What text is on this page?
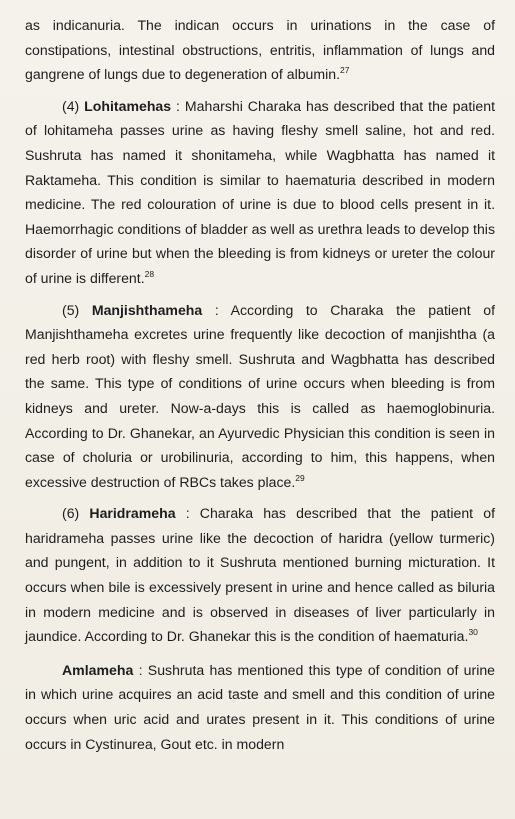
as indicanuria. The indican occurs in urinations in the case of constipations, intestinal obstructions, entritis, inflammation of lungs and gangrene of lungs due to degeneration of albumin.$^{27}$

(4) Lohitamehas : Maharshi Charaka has described that the patient of lohitameha passes urine as having fleshy smell saline, hot and red. Sushruta has named it shonitameha, while Wagbhatta has named it Raktameha. This condition is similar to haematuria described in modern medicine. The red colouration of urine is due to blood cells present in it. Haemorrhagic conditions of bladder as well as urethra leads to develop this disorder of urine but when the bleeding is from kidneys or ureter the colour of urine is different.$^{28}$

(5) Manjishthameha : According to Charaka the patient of Manjishthameha excretes urine frequently like decoction of manjishtha (a red herb root) with fleshy smell. Sushruta and Wagbhatta has described the same. This type of conditions of urine occurs when bleeding is from kidneys and ureter. Now-a-days this is called as haemoglobinuria. According to Dr. Ghanekar, an Ayurvedic Physician this condition is seen in case of choluria or urobilinuria, according to him, this happens, when excessive destruction of RBCs takes place.$^{29}$

(6) Haridrameha : Charaka has described that the patient of haridrameha passes urine like the decoction of haridra (yellow turmeric) and pungent, in addition to it Sushruta mentioned burning micturation. It occurs when bile is excessively present in urine and hence called as biluria in modern medicine and is observed in diseases of liver particularly in jaundice. According to Dr. Ghanekar this is the condition of haematuria.$^{30}$

Amlameha : Sushruta has mentioned this type of condition of urine in which urine acquires an acid taste and smell and this condition of urine occurs when uric acid and urates present in it. This conditions of urine occurs in Cystinurea, Gout etc. in modern
